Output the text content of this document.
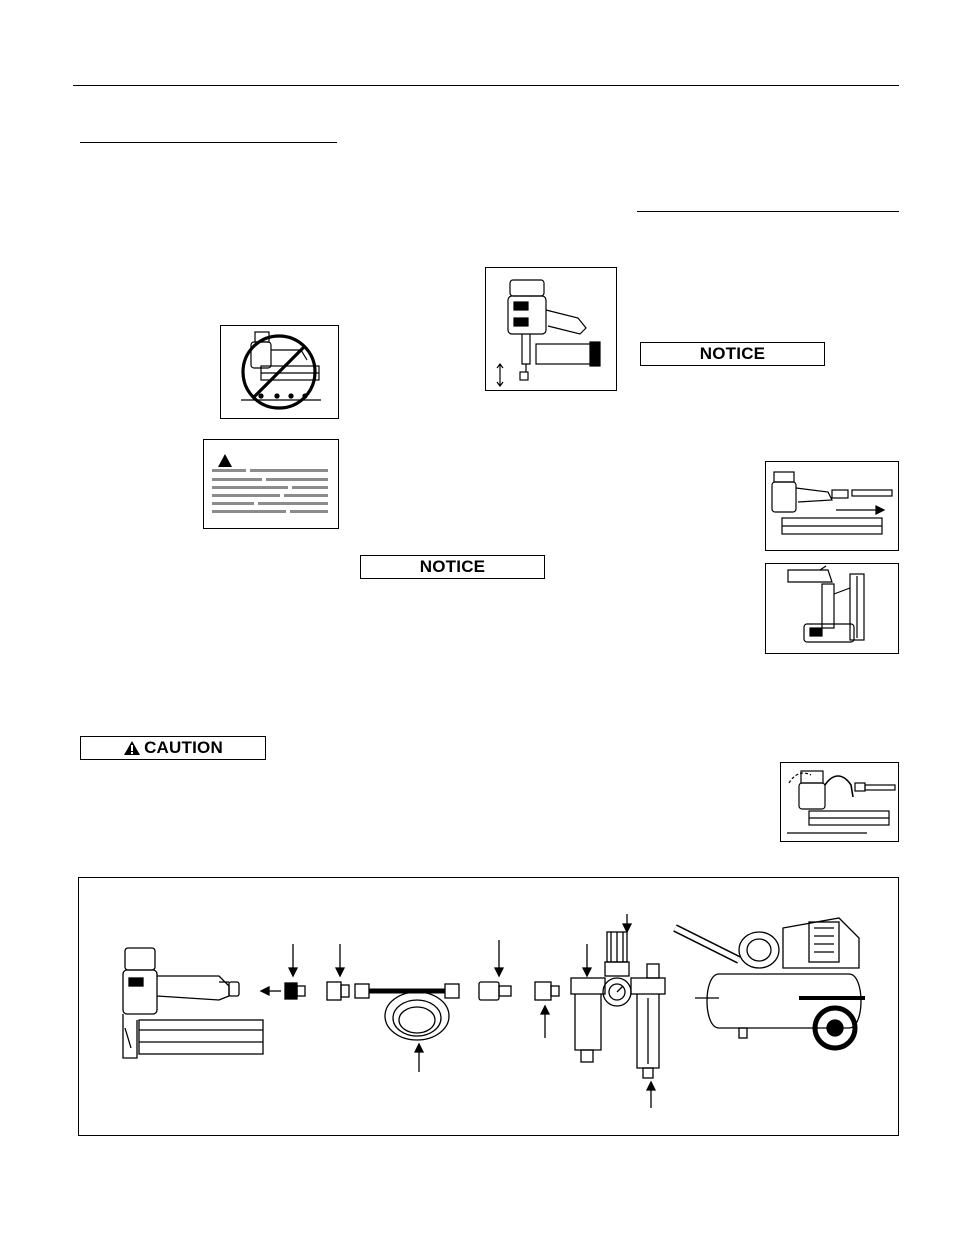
NOTICE
NOTICE
CAUTION
